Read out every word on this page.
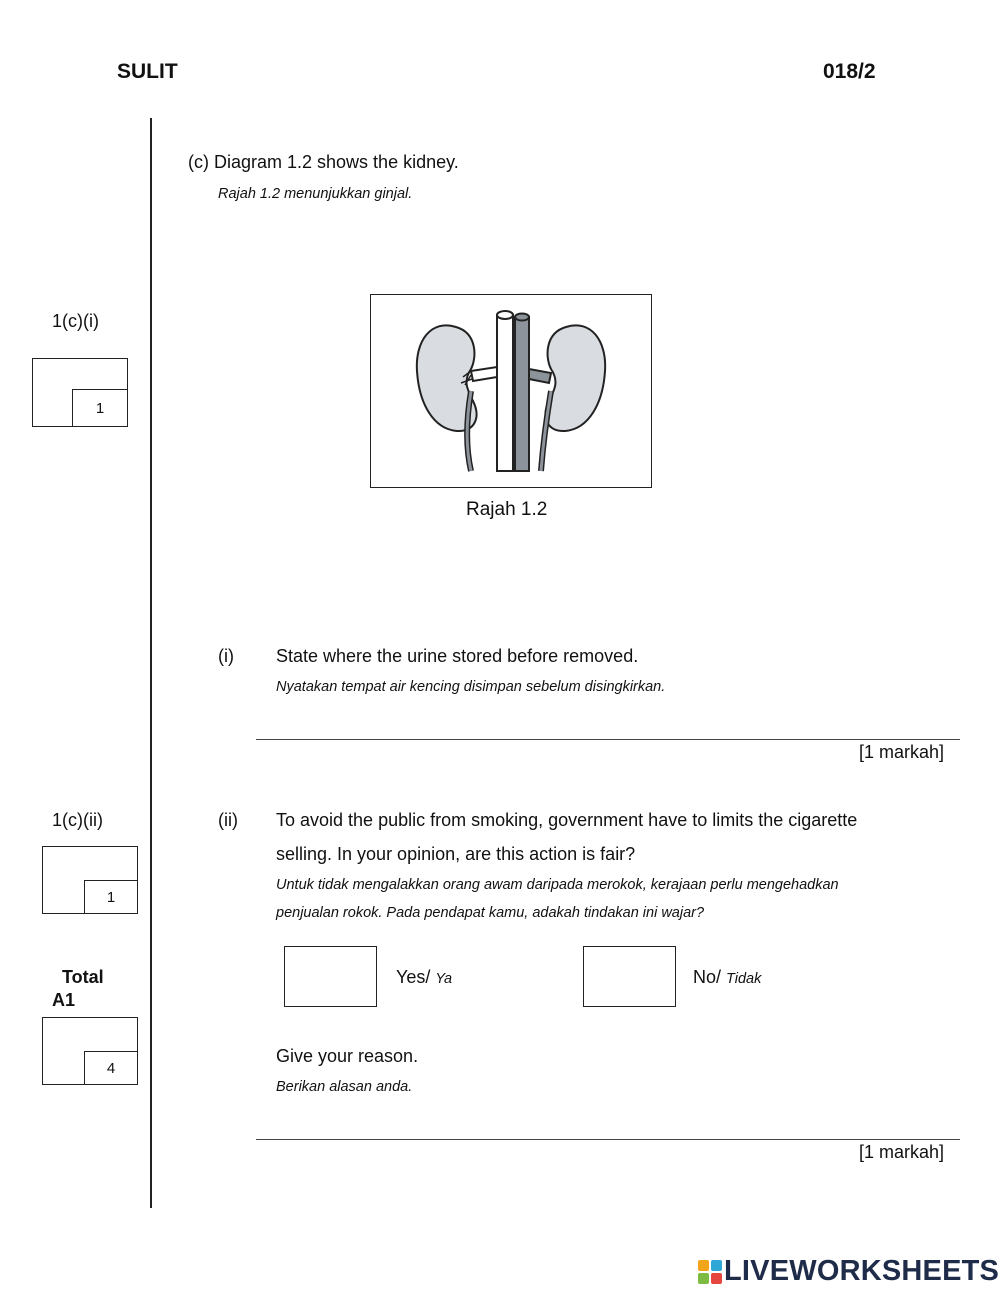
SULIT	018/2
(c) Diagram 1.2 shows the kidney.
Rajah 1.2 menunjukkan ginjal.
1(c)(i)
1
Rajah 1.2
(i) State where the urine stored before removed.
Nyatakan tempat air kencing disimpan sebelum disingkirkan.
[1 markah]
1(c)(ii)
1
(ii) To avoid the public from smoking, government have to limits the cigarette
selling. In your opinion, are this action is fair?
Untuk tidak mengalakkan orang awam daripada merokok, kerajaan perlu mengehadkan
penjualan rokok. Pada pendapat kamu, adakah tindakan ini wajar?
Yes/ Ya	No/ Tidak
Total
A1
4
Give your reason.
Berikan alasan anda.
[1 markah]
LIVEWORKSHEETS
